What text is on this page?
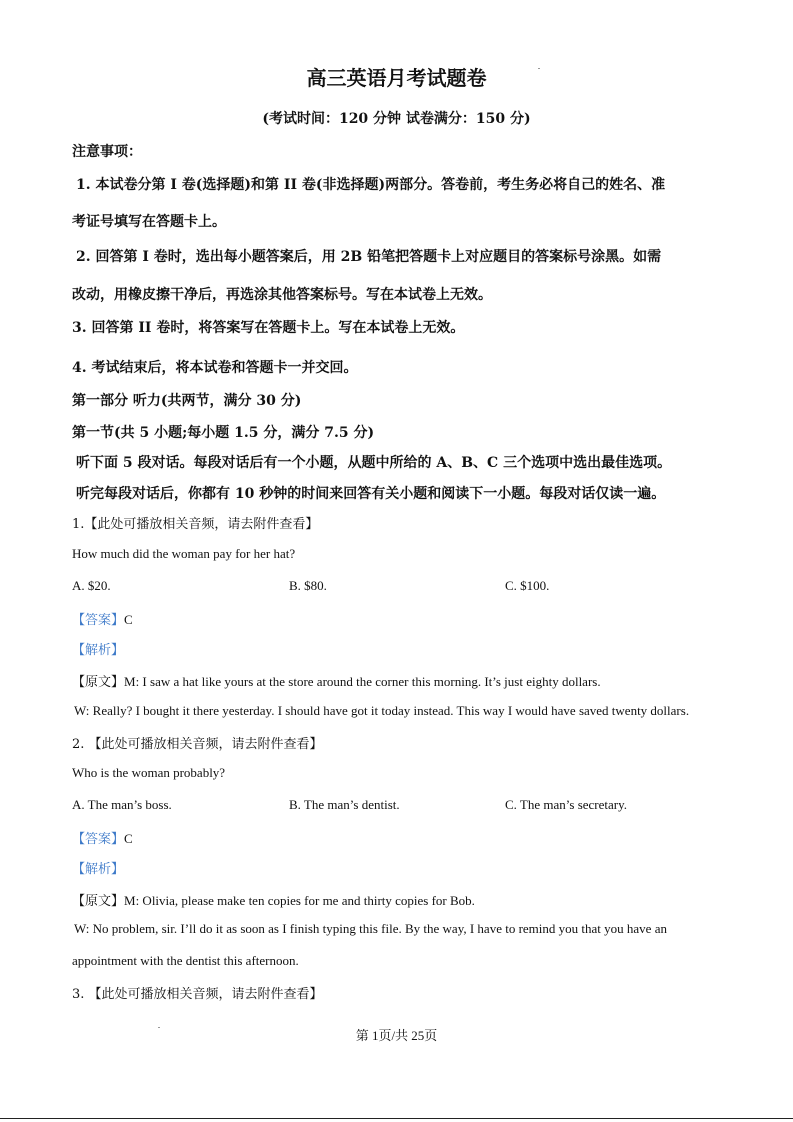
高三英语月考试题卷
(考试时间：120 分钟 试卷满分：150 分)
注意事项：
1. 本试卷分第 I 卷(选择题)和第 II 卷(非选择题)两部分。答卷前，考生务必将自己的姓名、准
考证号填写在答题卡上。
2. 回答第 I 卷时，选出每小题答案后，用 2B 铅笔把答题卡上对应题目的答案标号涂黑。如需
改动，用橡皮擦干净后，再选涂其他答案标号。写在本试卷上无效。
3. 回答第 II 卷时，将答案写在答题卡上。写在本试卷上无效。
4. 考试结束后，将本试卷和答题卡一并交回。
第一部分 听力(共两节，满分 30 分)
第一节(共 5 小题;每小题 1.5 分，满分 7.5 分)
听下面 5 段对话。每段对话后有一个小题，从题中所给的 A、B、C 三个选项中选出最佳选项。
听完每段对话后，你都有 10 秒钟的时间来回答有关小题和阅读下一小题。每段对话仅读一遍。
1.【此处可播放相关音频，请去附件查看】
How much did the woman pay for her hat?
A. $20.	B. $80.	C. $100.
【答案】C
【解析】
【原文】M: I saw a hat like yours at the store around the corner this morning. It’s just eighty dollars.
W: Really? I bought it there yesterday. I should have got it today instead. This way I would have saved twenty dollars.
2. 【此处可播放相关音频，请去附件查看】
Who is the woman probably?
A. The man’s boss.	B. The man’s dentist.	C. The man’s secretary.
【答案】C
【解析】
【原文】M: Olivia, please make ten copies for me and thirty copies for Bob.
W: No problem, sir. I’ll do it as soon as I finish typing this file. By the way, I have to remind you that you have an
appointment with the dentist this afternoon.
3. 【此处可播放相关音频，请去附件查看】
第 1页/共 25页
